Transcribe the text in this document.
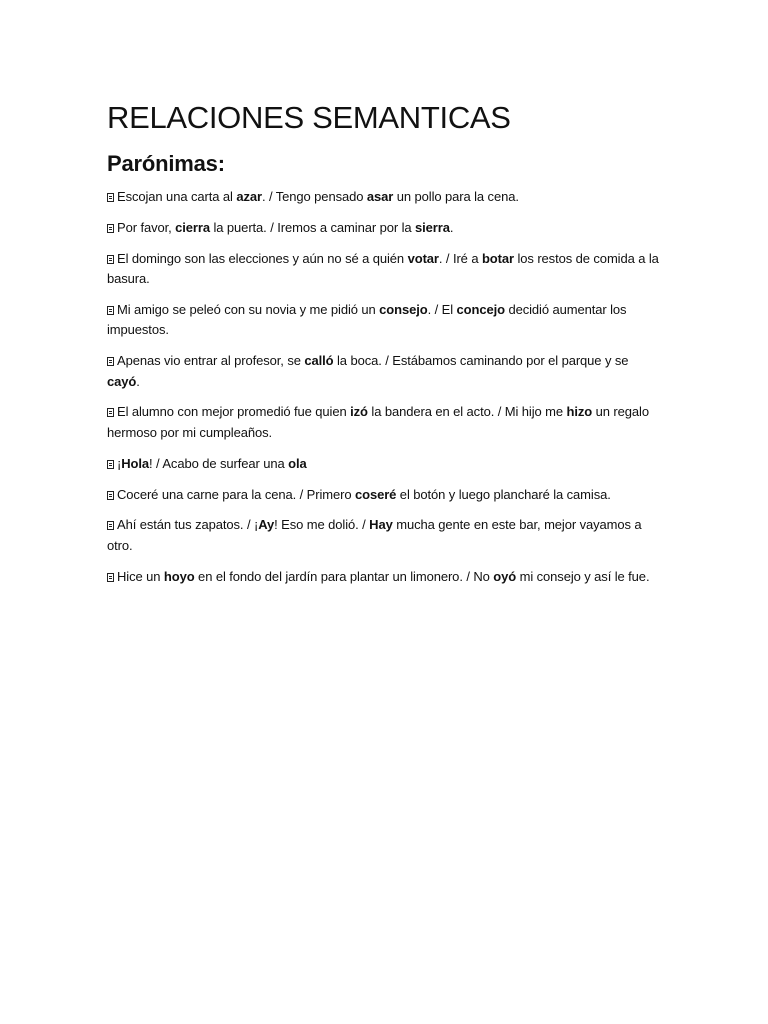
RELACIONES SEMANTICAS
Parónimas:

Escojan una carta al azar. / Tengo pensado asar un pollo para la cena.

Por favor, cierra la puerta. / Iremos a caminar por la sierra.

El domingo son las elecciones y aún no sé a quién votar. / Iré a botar los restos de comida a la basura.

Mi amigo se peleó con su novia y me pidió un consejo. / El concejo decidió aumentar los impuestos.

Apenas vio entrar al profesor, se calló la boca. / Estábamos caminando por el parque y se cayó.

El alumno con mejor promedió fue quien izó la bandera en el acto. / Mi hijo me hizo un regalo hermoso por mi cumpleaños.

¡Hola! / Acabo de surfear una ola

Coceré una carne para la cena. / Primero coseré el botón y luego plancharé la camisa.

Ahí están tus zapatos. / ¡Ay! Eso me dolió. / Hay mucha gente en este bar, mejor vayamos a otro.

Hice un hoyo en el fondo del jardín para plantar un limonero. / No oyó mi consejo y así le fue.
